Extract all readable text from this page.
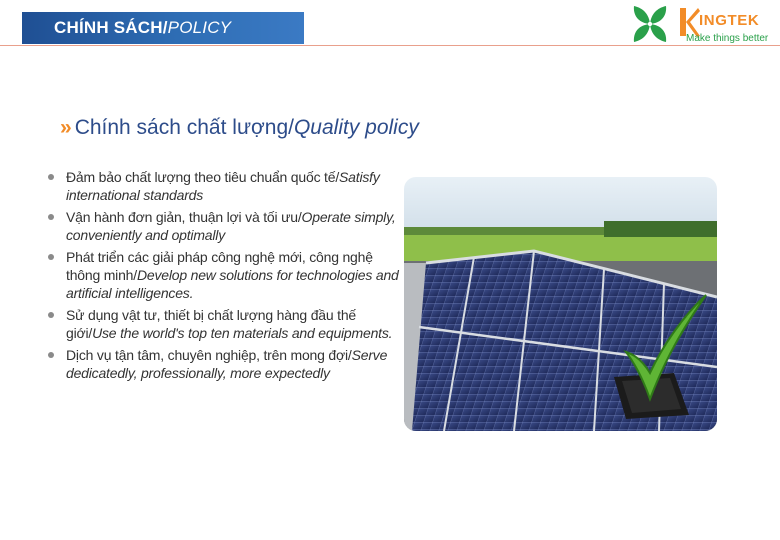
CHÍNH SÁCH/ POLICY	INGTEK
Make things better
» Chính sách chất lượng/Quality policy
Đảm bảo chất lượng theo tiêu chuẩn quốc tế/Satisfy international standards
Vận hành đơn giản, thuận lợi và tối ưu/Operate simply, conveniently and optimally
Phát triển các giải pháp công nghệ mới, công nghệ thông minh/Develop new solutions for technologies and artificial intelligences.
Sử dụng vật tư, thiết bị chất lượng hàng đầu thế giới/Use the world's top ten materials and equipments.
Dịch vụ tận tâm, chuyên nghiệp, trên mong đợi/Serve dedicatedly, professionally, more expectedly
